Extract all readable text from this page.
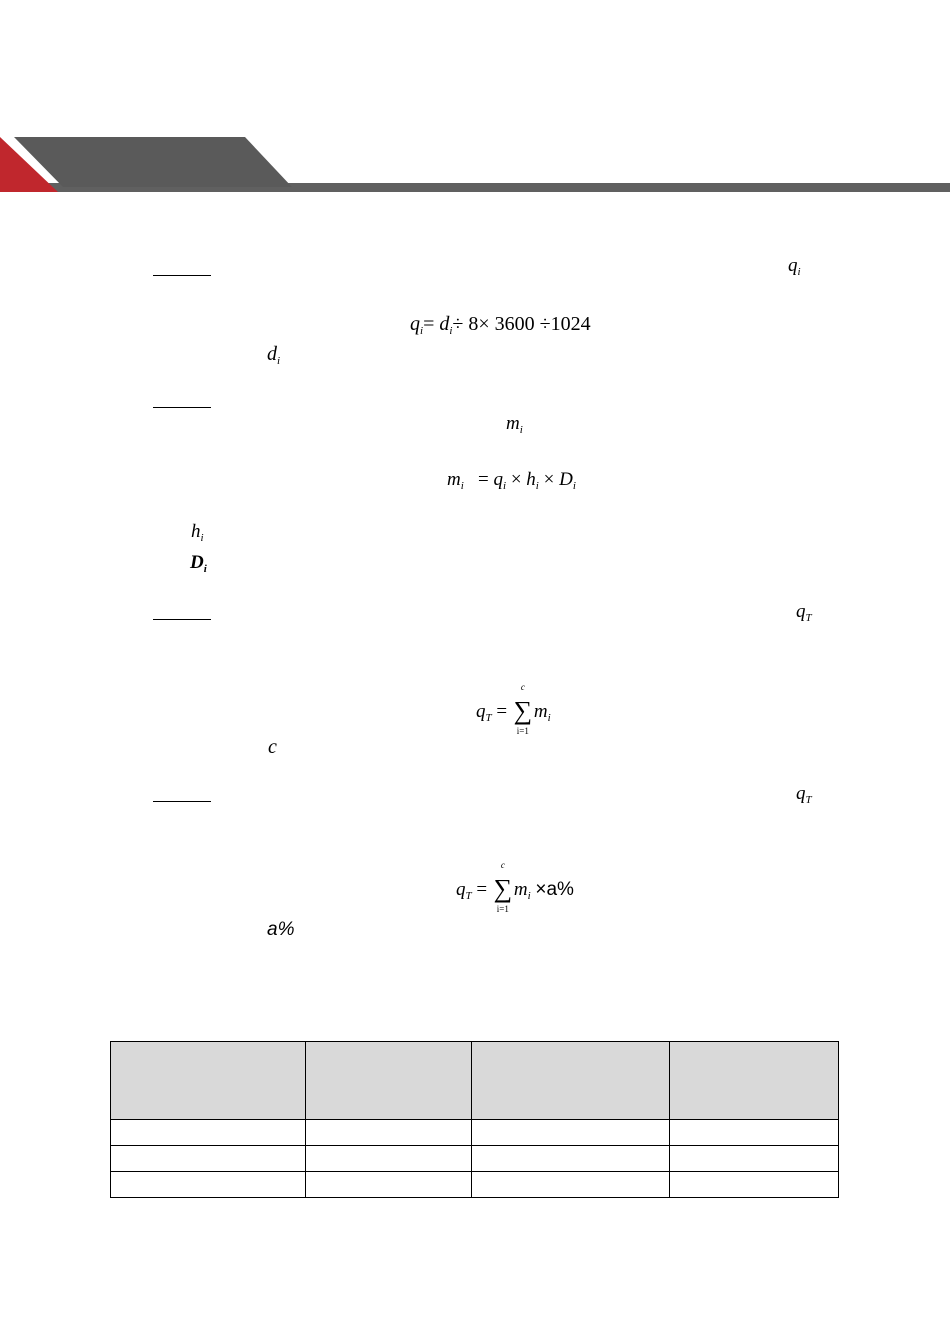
$q_i$
$q_i= d_i\div 8\times 3600 \div 1024$
$d_i$
$m_i$
$m_i = q_i \times h_i \times D_i$
$h_i$
$D_i$
$q_T$
$q_T$ =
c
∑
i=1
$m_i$
c
$q_T$
$q_T$ =
c
∑
i=1
$m_i \times a\%$
a%
